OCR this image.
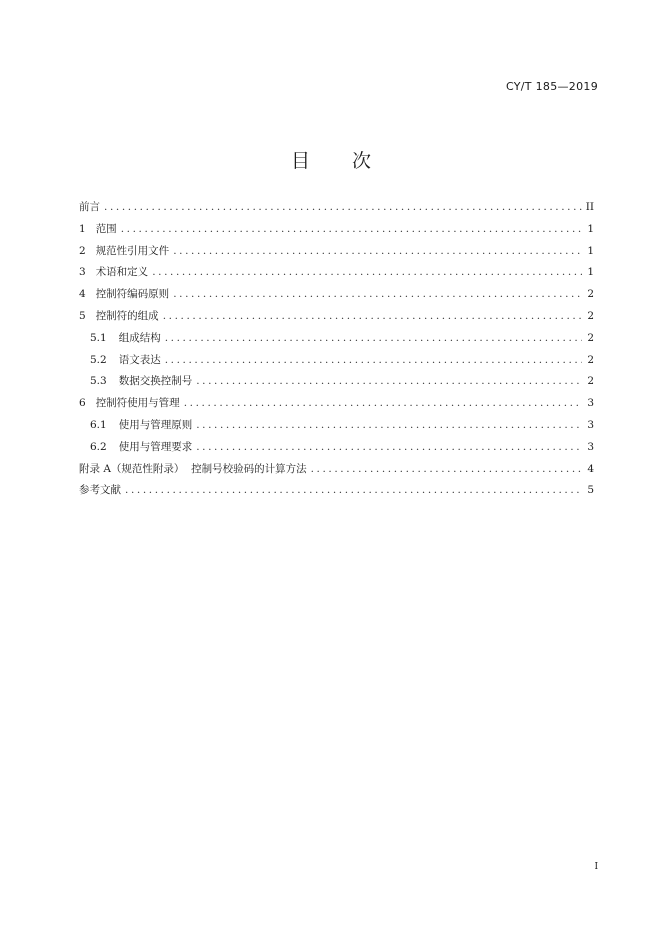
CY/T 185—2019
目 次
前言 .....	II
1 范围 .....	1
2 规范性引用文件 .....	1
3 术语和定义 .....	1
4 控制符编码原则 .....	2
5 控制符的组成 .....	2
5.1 组成结构 .....	2
5.2 语文表达 .....	2
5.3 数据交换控制号 .....	2
6 控制符使用与管理 .....	3
6.1 使用与管理原则 .....	3
6.2 使用与管理要求 .....	3
附录 A（规范性附录）  控制号校验码的计算方法 .....	4
参考文献 .....	5
I
